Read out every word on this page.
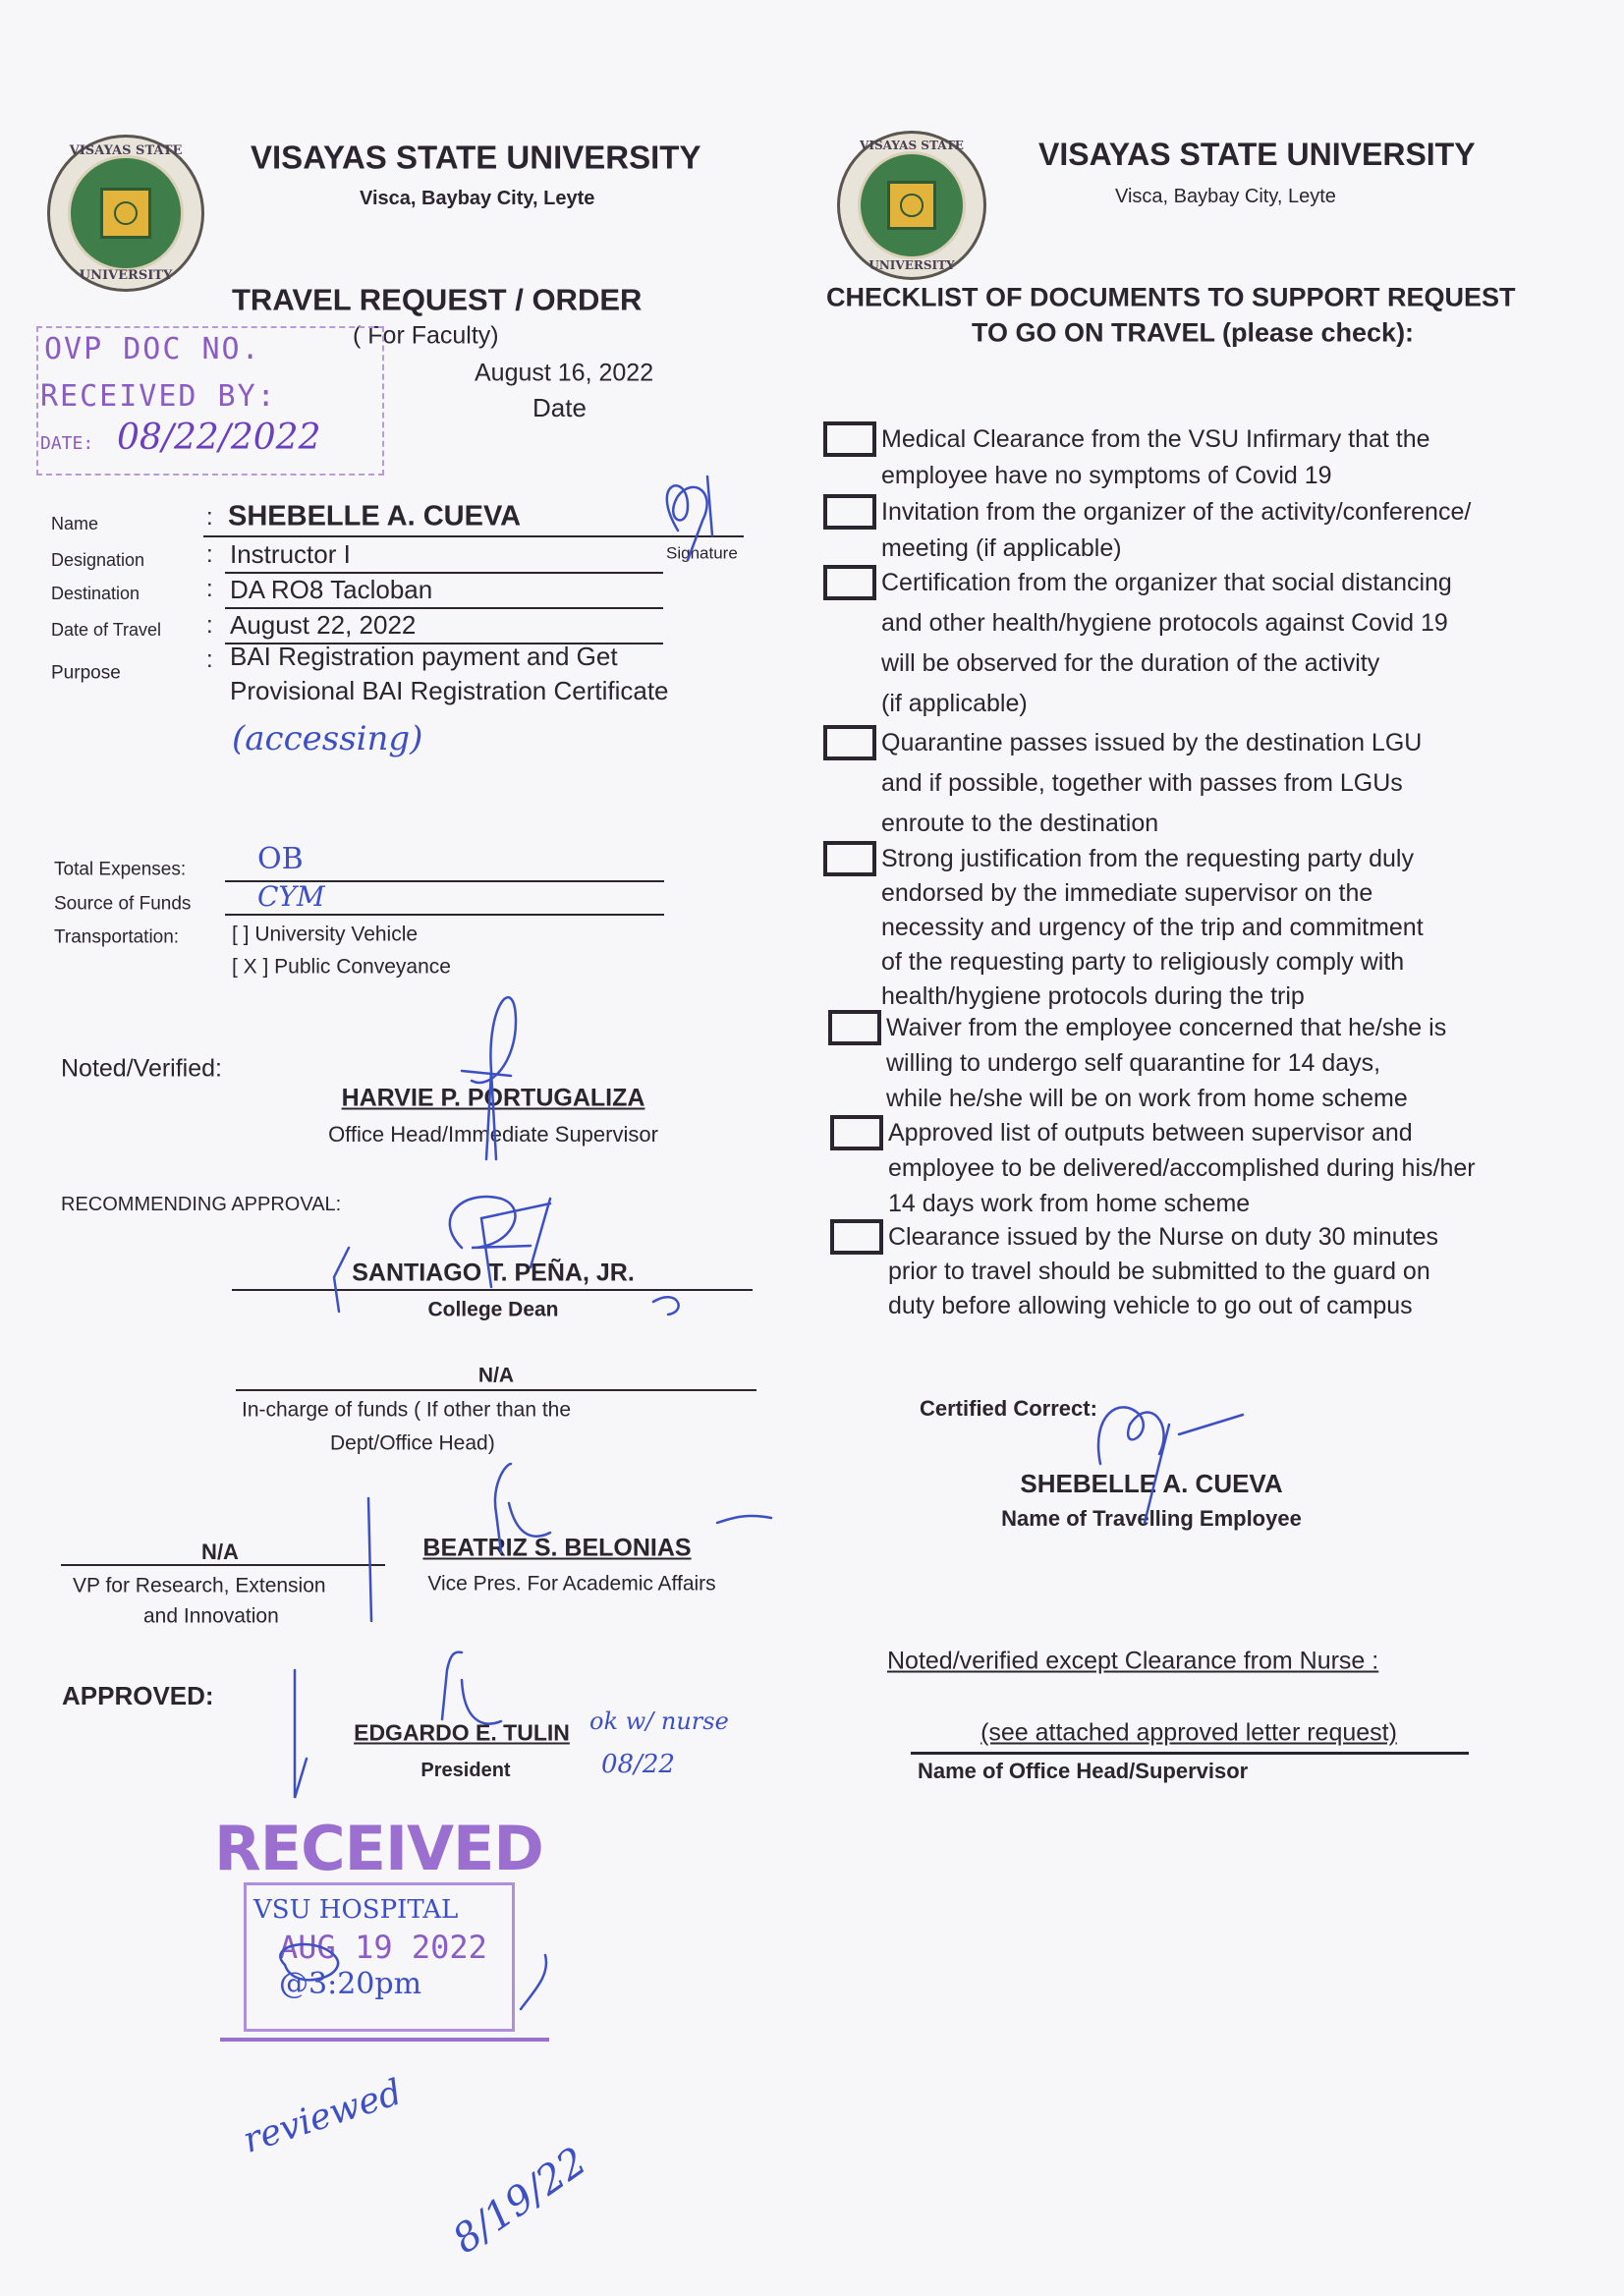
VISAYAS STATE
UNIVERSITY
VISAYAS STATE UNIVERSITY
Visca, Baybay City, Leyte
TRAVEL REQUEST / ORDER
( For Faculty)
August 16, 2022
Date
OVP DOC NO.
RECEIVED BY:
DATE: 08/22/2022
Name	: SHEBELLE A. CUEVA
Signature
Designation	: Instructor I
Destination	: DA RO8 Tacloban
Date of Travel : August 22, 2022
Purpose	: BAI Registration payment and Get
Provisional BAI Registration Certificate
(accessing)
Total Expenses: OB
Source of Funds CYM
Transportation:	[ ] University Vehicle
[ X ] Public Conveyance
Noted/Verified:
HARVIE P. PORTUGALIZA
Office Head/Immediate Supervisor
RECOMMENDING APPROVAL:
SANTIAGO T. PEÑA, JR.
College Dean
N/A
In-charge of funds ( If other than the
Dept/Office Head)
N/A
VP for Research, Extension
and Innovation
BEATRIZ S. BELONIAS
Vice Pres. For Academic Affairs
APPROVED:
EDGARDO E. TULIN
President
ok w/ nurse
08/22
RECEIVED
VSU HOSPITAL
AUG 19 2022
@3:20pm
reviewed
8/19/22
VISAYAS STATE
UNIVERSITY
VISAYAS STATE UNIVERSITY
Visca, Baybay City, Leyte
CHECKLIST OF DOCUMENTS TO SUPPORT REQUEST
TO GO ON TRAVEL (please check):
Medical Clearance from the VSU Infirmary that the
employee have no symptoms of Covid 19
Invitation from the organizer of the activity/conference/
meeting (if applicable)
Certification from the organizer that social distancing
and other health/hygiene protocols against Covid 19
will be observed for the duration of the activity
(if applicable)
Quarantine passes issued by the destination LGU
and if possible, together with passes from LGUs
enroute to the destination
Strong justification from the requesting party duly
endorsed by the immediate supervisor on the
necessity and urgency of the trip and commitment
of the requesting party to religiously comply with
health/hygiene protocols during the trip
Waiver from the employee concerned that he/she is
willing to undergo self quarantine for 14 days,
while he/she will be on work from home scheme
Approved list of outputs between supervisor and
employee to be delivered/accomplished during his/her
14 days work from home scheme
Clearance issued by the Nurse on duty 30 minutes
prior to travel should be submitted to the guard on
duty before allowing vehicle to go out of campus
Certified Correct:
SHEBELLE A. CUEVA
Name of Travelling Employee
Noted/verified except Clearance from Nurse :
(see attached approved letter request)
Name of Office Head/Supervisor
